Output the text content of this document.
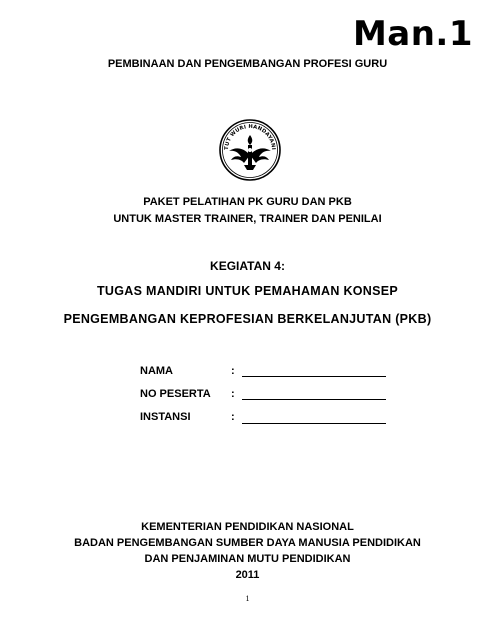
Man.1
PEMBINAAN DAN PENGEMBANGAN PROFESI GURU
TUT WURI HANDAYANI
PAKET PELATIHAN PK GURU DAN PKB
UNTUK MASTER TRAINER, TRAINER DAN PENILAI
KEGIATAN 4:
TUGAS MANDIRI UNTUK PEMAHAMAN KONSEP
PENGEMBANGAN KEPROFESIAN BERKELANJUTAN (PKB)
NAMA	:
NO PESERTA :
INSTANSI	:
KEMENTERIAN PENDIDIKAN NASIONAL
BADAN PENGEMBANGAN SUMBER DAYA MANUSIA PENDIDIKAN
DAN PENJAMINAN MUTU PENDIDIKAN
2011
1
